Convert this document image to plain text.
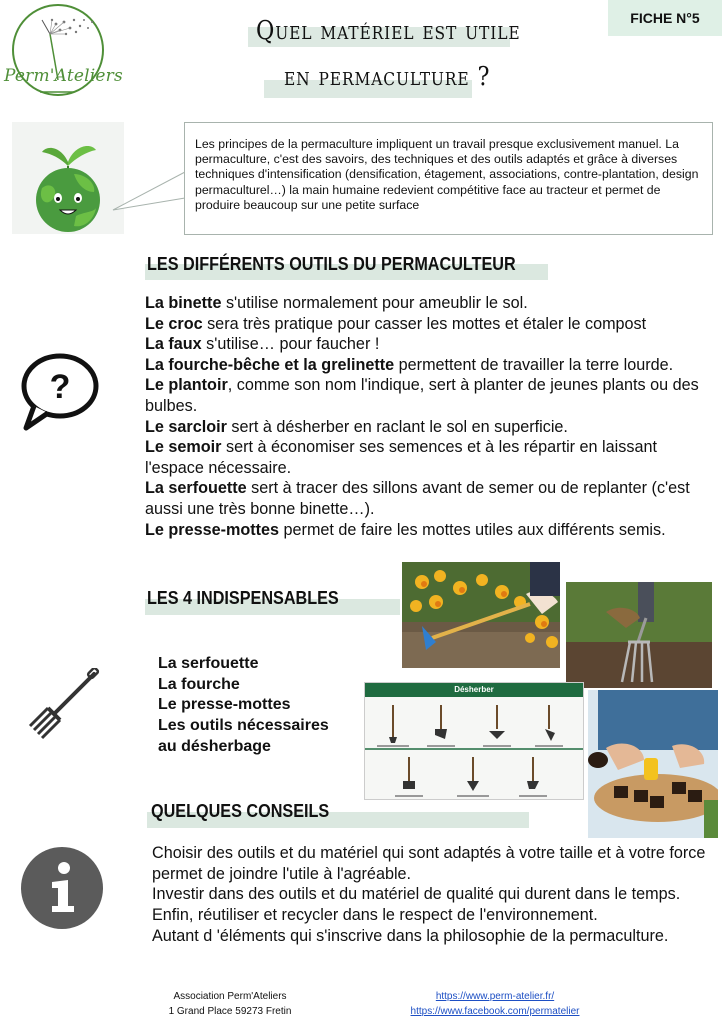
Perm'Ateliers
Quel matériel est utile
en permaculture ?
FICHE N°5

Les principes de la permaculture impliquent un travail presque exclusivement manuel. La permaculture, c'est des savoirs, des techniques et des outils adaptés et grâce à diverses techniques d'intensification (densification, étagement, associations, contre-plantation, design permaculturel…) la main humaine redevient compétitive face au tracteur et permet de produire beaucoup sur une petite surface

LES DIFFÉRENTS OUTILS DU PERMACULTEUR
?

La binette s'utilise normalement pour ameublir le sol.

Le croc sera très pratique pour casser les mottes et étaler le compost

La faux s'utilise… pour faucher !

La fourche-bêche et la grelinette permettent de travailler la terre lourde.

Le plantoir, comme son nom l'indique, sert à planter de jeunes plants ou des bulbes.

Le sarcloir sert à désherber en raclant le sol en superficie.

Le semoir sert à économiser ses semences et à les répartir en laissant l'espace nécessaire.

La serfouette sert à tracer des sillons avant de semer ou de replanter (c'est aussi une très bonne binette…).

Le presse-mottes permet de faire les mottes utiles aux différents semis.

LES 4 INDISPENSABLES
La serfouette
La fourche
Le presse-mottes
Les outils nécessaires
au désherbage
Désherber
QUELQUES CONSEILS

Choisir des outils et du matériel qui sont adaptés à votre taille et à votre force permet de joindre l'utile à l'agréable.

Investir dans des outils et du matériel de qualité qui durent dans le temps.

Enfin, réutiliser et recycler dans le respect de l'environnement.

Autant d 'éléments qui s'inscrive dans la philosophie de la permaculture.

Association Perm'Ateliers
1 Grand Place 59273 Fretin
https://www.perm-atelier.fr/
https://www.facebook.com/permatelier
